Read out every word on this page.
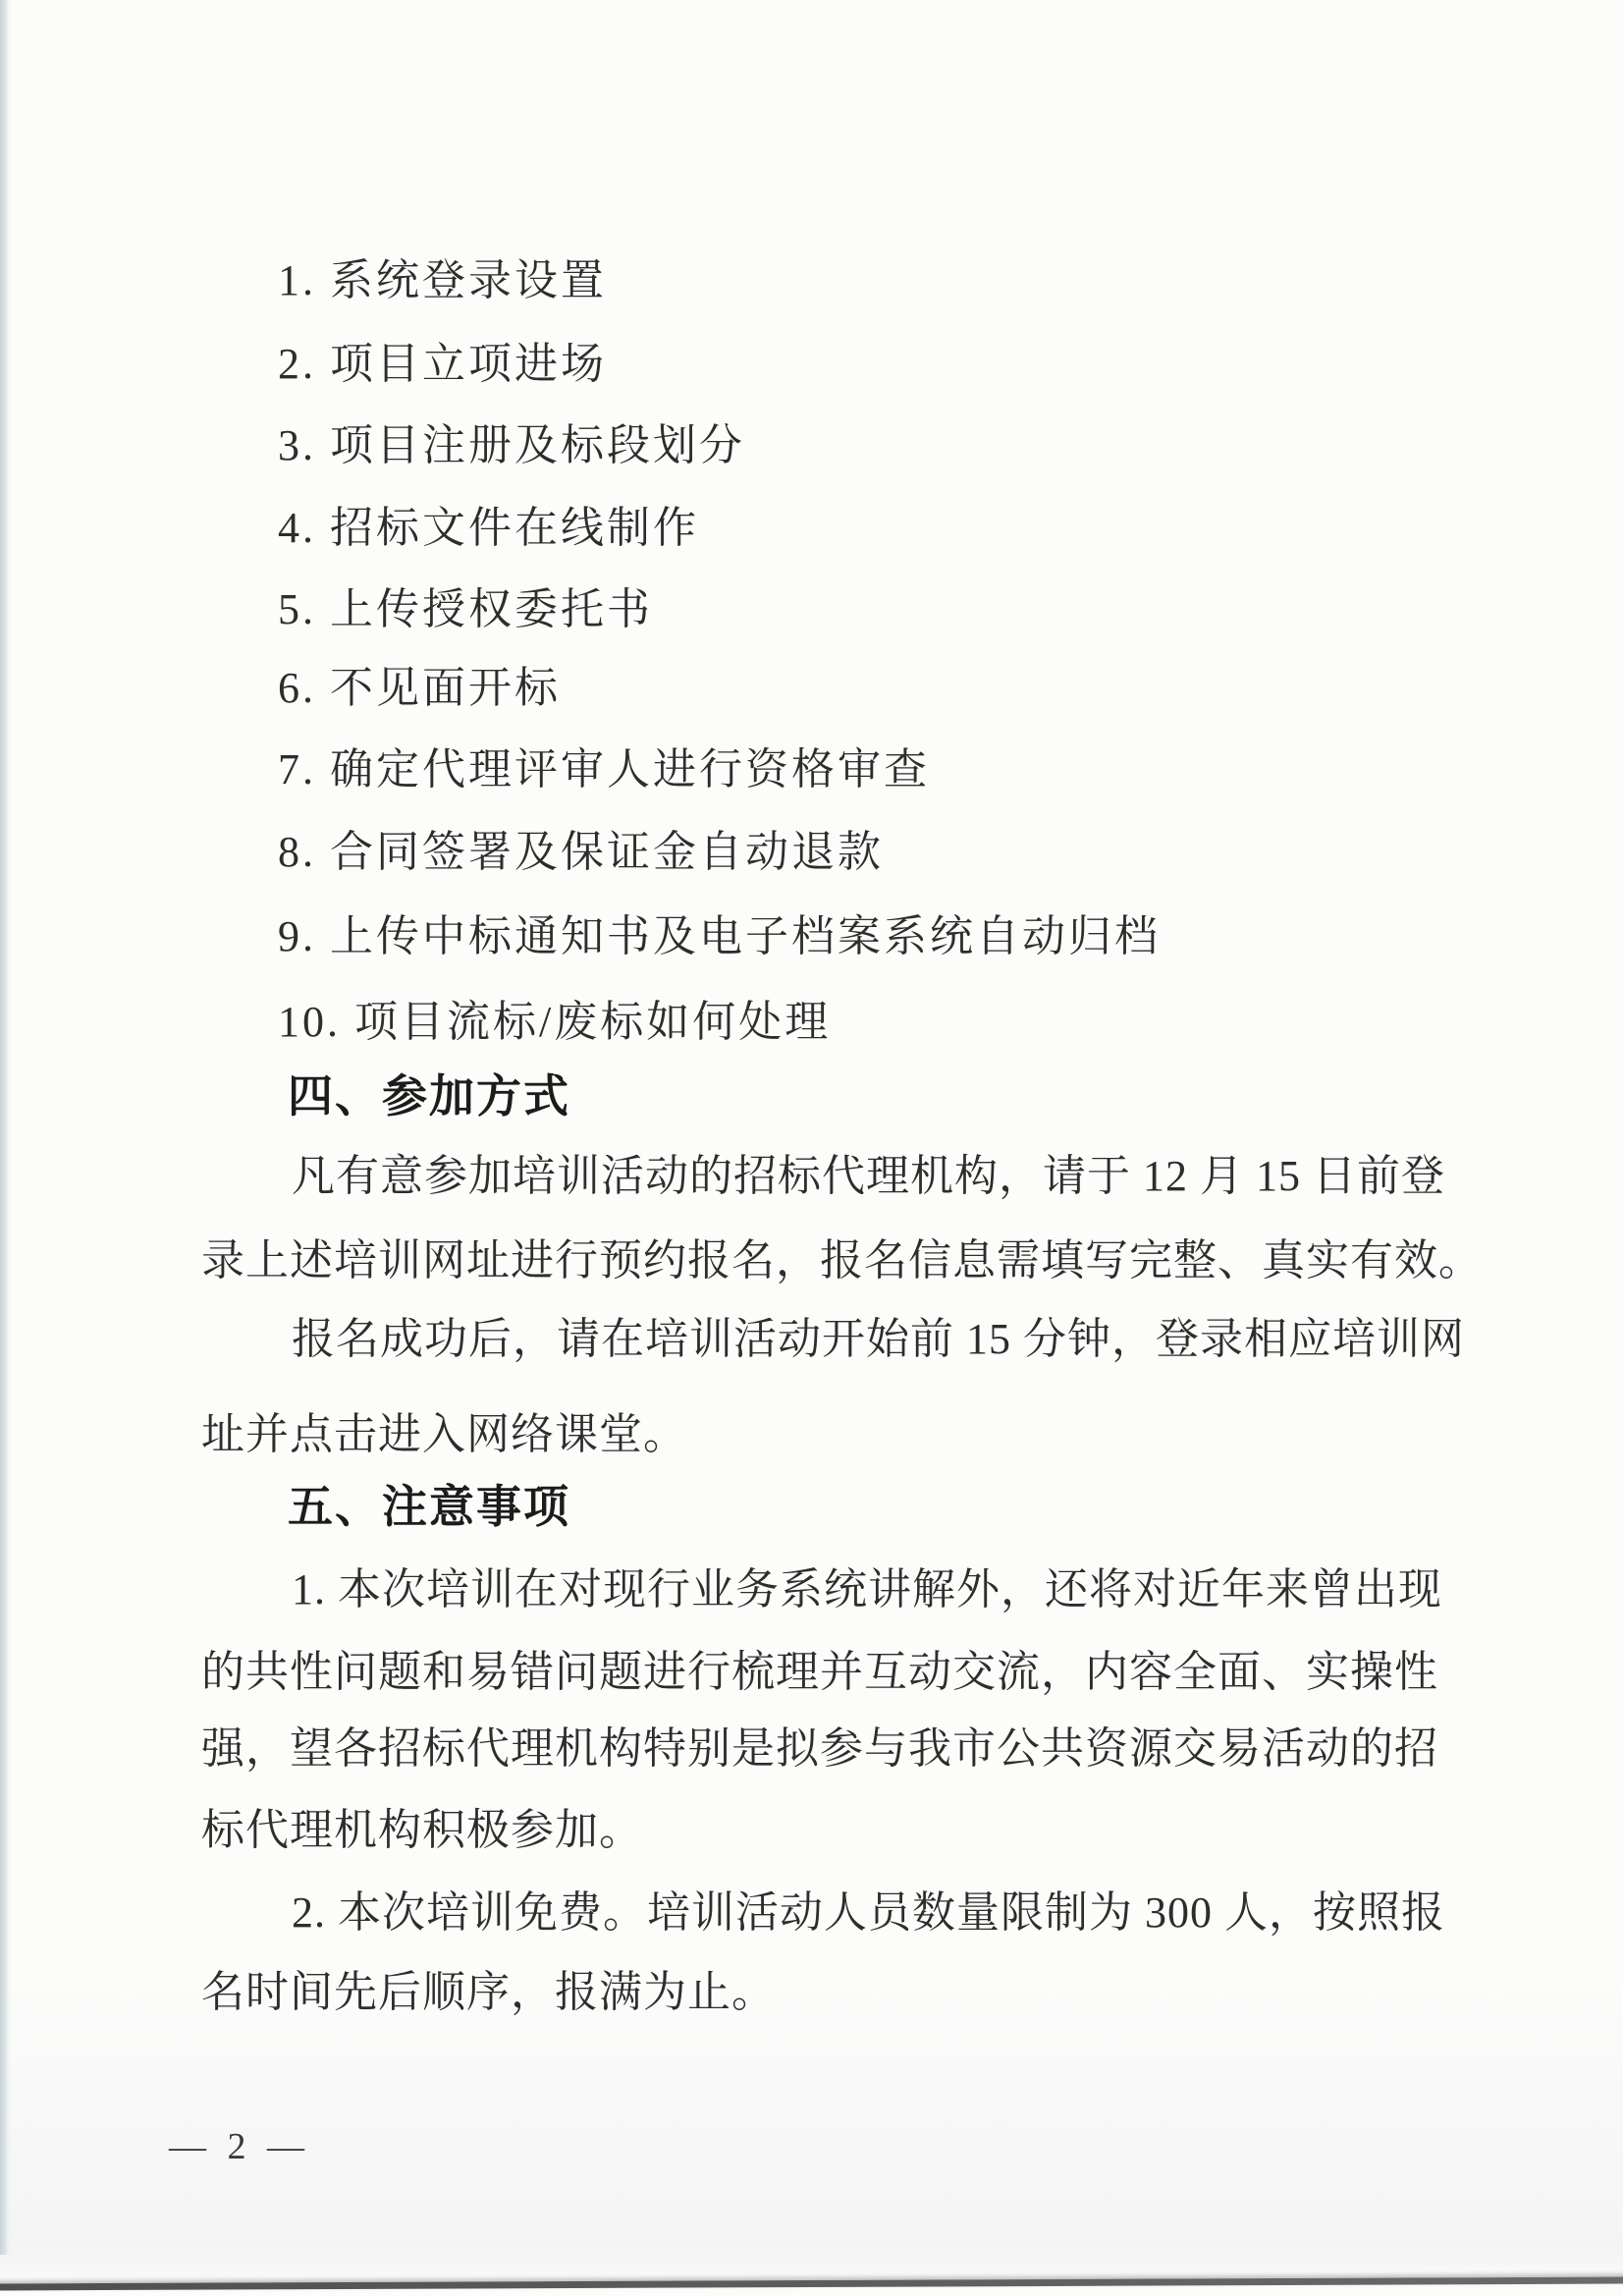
1. 系统登录设置
2. 项目立项进场
3. 项目注册及标段划分
4. 招标文件在线制作
5. 上传授权委托书
6. 不见面开标
7. 确定代理评审人进行资格审查
8. 合同签署及保证金自动退款
9. 上传中标通知书及电子档案系统自动归档
10. 项目流标/废标如何处理
四、参加方式
凡有意参加培训活动的招标代理机构，请于 12 月 15 日前登
录上述培训网址进行预约报名，报名信息需填写完整、真实有效。
报名成功后，请在培训活动开始前 15 分钟，登录相应培训网
址并点击进入网络课堂。
五、注意事项
1. 本次培训在对现行业务系统讲解外，还将对近年来曾出现
的共性问题和易错问题进行梳理并互动交流，内容全面、实操性
强，望各招标代理机构特别是拟参与我市公共资源交易活动的招
标代理机构积极参加。
2. 本次培训免费。培训活动人员数量限制为 300 人，按照报
名时间先后顺序，报满为止。
— 2 —
